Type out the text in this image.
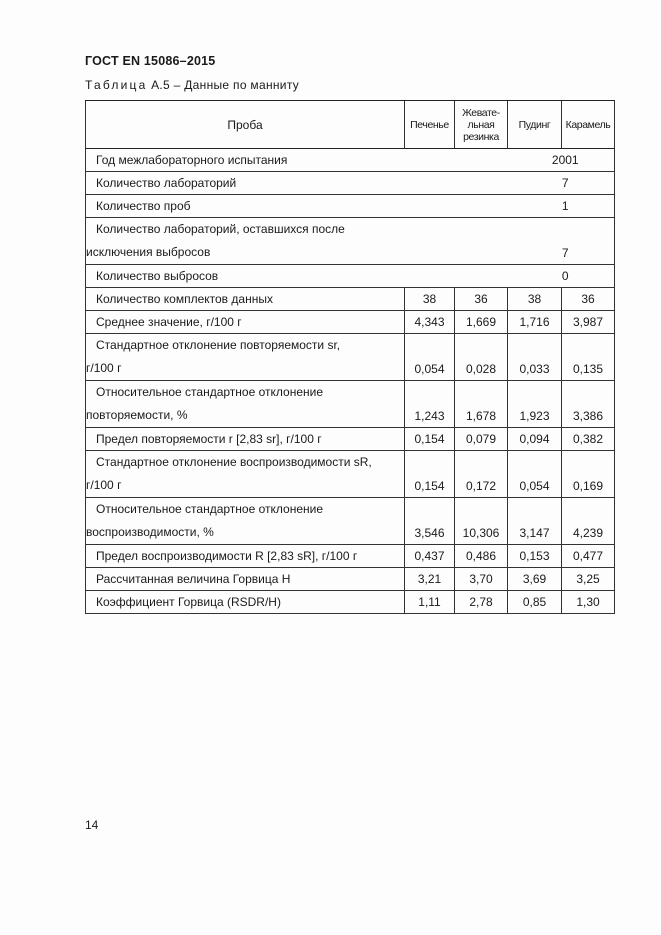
ГОСТ EN 15086–2015
Таблица А.5 – Данные по манниту
Проба	Печенье	Жевате-
льная
резинка	Пудинг	Карамель
Год межлабораторного испытания	2001			
Количество лабораторий	7			
Количество проб	1			

Количество лабораторий, оставшихся после
исключения выбросов	7			
Количество выбросов	0			
Количество комплектов данных	38	36	38	36
Среднее значение, г/100 г	4,343	1,669	1,716	3,987

Стандартное отклонение повторяемости sr,
г/100 г	0,054	0,028	0,033	0,135

Относительное стандартное отклонение
повторяемости, %	1,243	1,678	1,923	3,386
Предел повторяемости r [2,83 sr], г/100 г	0,154	0,079	0,094	0,382

Стандартное отклонение воспроизводимости sR,
г/100 г	0,154	0,172	0,054	0,169

Относительное стандартное отклонение
воспроизводимости, %	3,546	10,306	3,147	4,239
Предел воспроизводимости R [2,83 sR], г/100 г	0,437	0,486	0,153	0,477
Рассчитанная величина Горвица H	3,21	3,70	3,69	3,25
Коэффициент Горвица (RSDR/H)	1,11	2,78	0,85	1,30
14
